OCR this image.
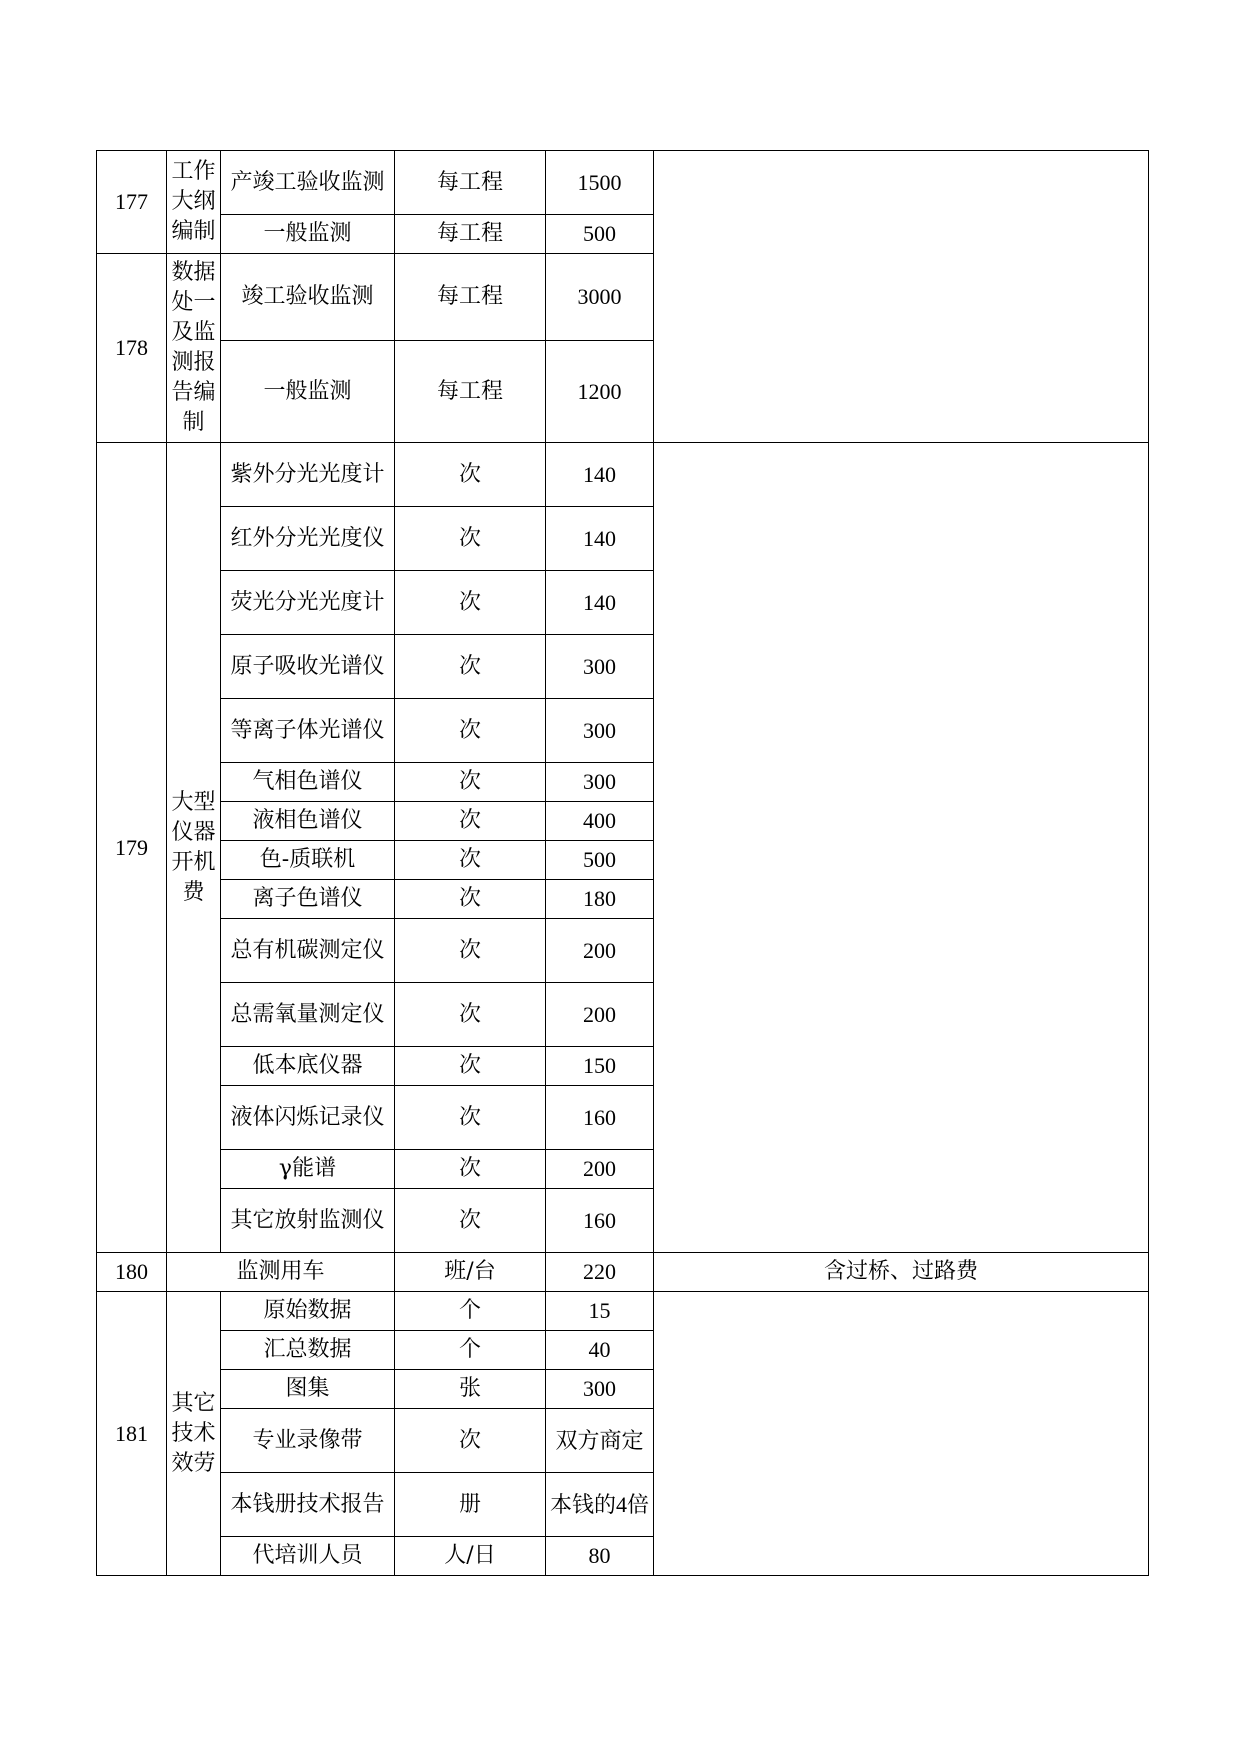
177	工作大纲编制	产竣工验收监测	每工程	1500	
		一般监测	每工程	500	
178	数据处一及监测报告编制	竣工验收监测	每工程	3000	
		一般监测	每工程	1200	
179	大型仪器开机费	紫外分光光度计	次	140	
		红外分光光度仪	次	140	
		荧光分光光度计	次	140	
		原子吸收光谱仪	次	300	
		等离子体光谱仪	次	300	
		气相色谱仪	次	300	
		液相色谱仪	次	400	
		色-质联机	次	500	
		离子色谱仪	次	180	
		总有机碳测定仪	次	200	
		总需氧量测定仪	次	200	
		低本底仪器	次	150	
		液体闪烁记录仪	次	160	
		γ能谱	次	200	
		其它放射监测仪	次	160	
180	监测用车		班/台	220	含过桥、过路费
181	其它技术效劳	原始数据	个	15	
		汇总数据	个	40	
		图集	张	300	
		专业录像带	次	双方商定	
		本钱册技术报告	册	本钱的4倍	
		代培训人员	人/日	80	
